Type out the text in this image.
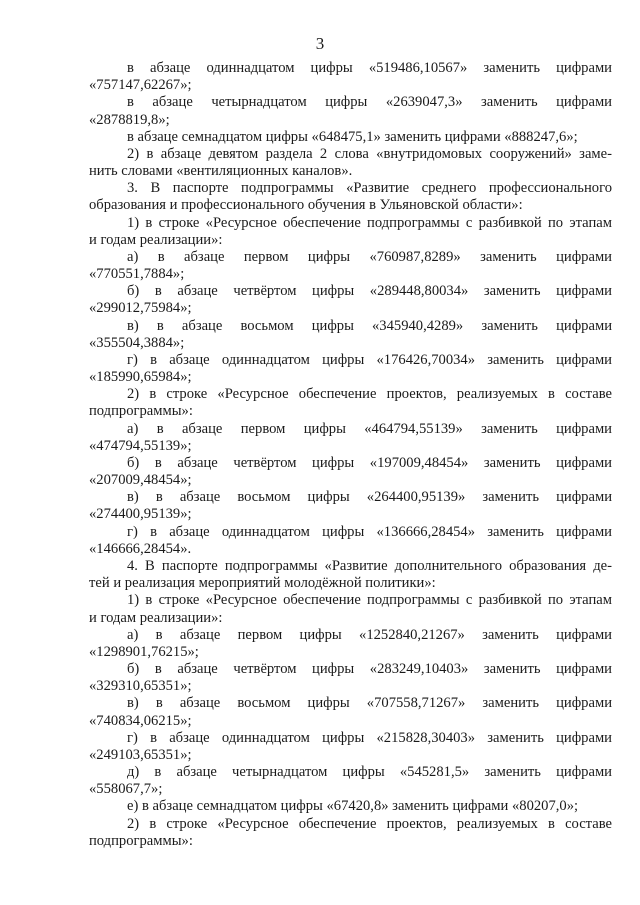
3
в абзаце одиннадцатом цифры «519486,10567» заменить цифрами
«757147,62267»;
в абзаце четырнадцатом цифры «2639047,3» заменить цифрами
«2878819,8»;
в абзаце семнадцатом цифры «648475,1» заменить цифрами «888247,6»;
2) в абзаце девятом раздела 2 слова «внутридомовых сооружений» заме-
нить словами «вентиляционных каналов».
3. В паспорте подпрограммы «Развитие среднего профессионального
образования и профессионального обучения в Ульяновской области»:
1) в строке «Ресурсное обеспечение подпрограммы с разбивкой по этапам
и годам реализации»:
а) в абзаце первом цифры «760987,8289» заменить цифрами
«770551,7884»;
б) в абзаце четвёртом цифры «289448,80034» заменить цифрами
«299012,75984»;
в) в абзаце восьмом цифры «345940,4289» заменить цифрами
«355504,3884»;
г) в абзаце одиннадцатом цифры «176426,70034» заменить цифрами
«185990,65984»;
2) в строке «Ресурсное обеспечение проектов, реализуемых в составе
подпрограммы»:
а) в абзаце первом цифры «464794,55139» заменить цифрами
«474794,55139»;
б) в абзаце четвёртом цифры «197009,48454» заменить цифрами
«207009,48454»;
в) в абзаце восьмом цифры «264400,95139» заменить цифрами
«274400,95139»;
г) в абзаце одиннадцатом цифры «136666,28454» заменить цифрами
«146666,28454».
4. В паспорте подпрограммы «Развитие дополнительного образования де-
тей и реализация мероприятий молодёжной политики»:
1) в строке «Ресурсное обеспечение подпрограммы с разбивкой по этапам
и годам реализации»:
а) в абзаце первом цифры «1252840,21267» заменить цифрами
«1298901,76215»;
б) в абзаце четвёртом цифры «283249,10403» заменить цифрами
«329310,65351»;
в) в абзаце восьмом цифры «707558,71267» заменить цифрами
«740834,06215»;
г) в абзаце одиннадцатом цифры «215828,30403» заменить цифрами
«249103,65351»;
д) в абзаце четырнадцатом цифры «545281,5» заменить цифрами
«558067,7»;
е) в абзаце семнадцатом цифры «67420,8» заменить цифрами «80207,0»;
2) в строке «Ресурсное обеспечение проектов, реализуемых в составе
подпрограммы»:
